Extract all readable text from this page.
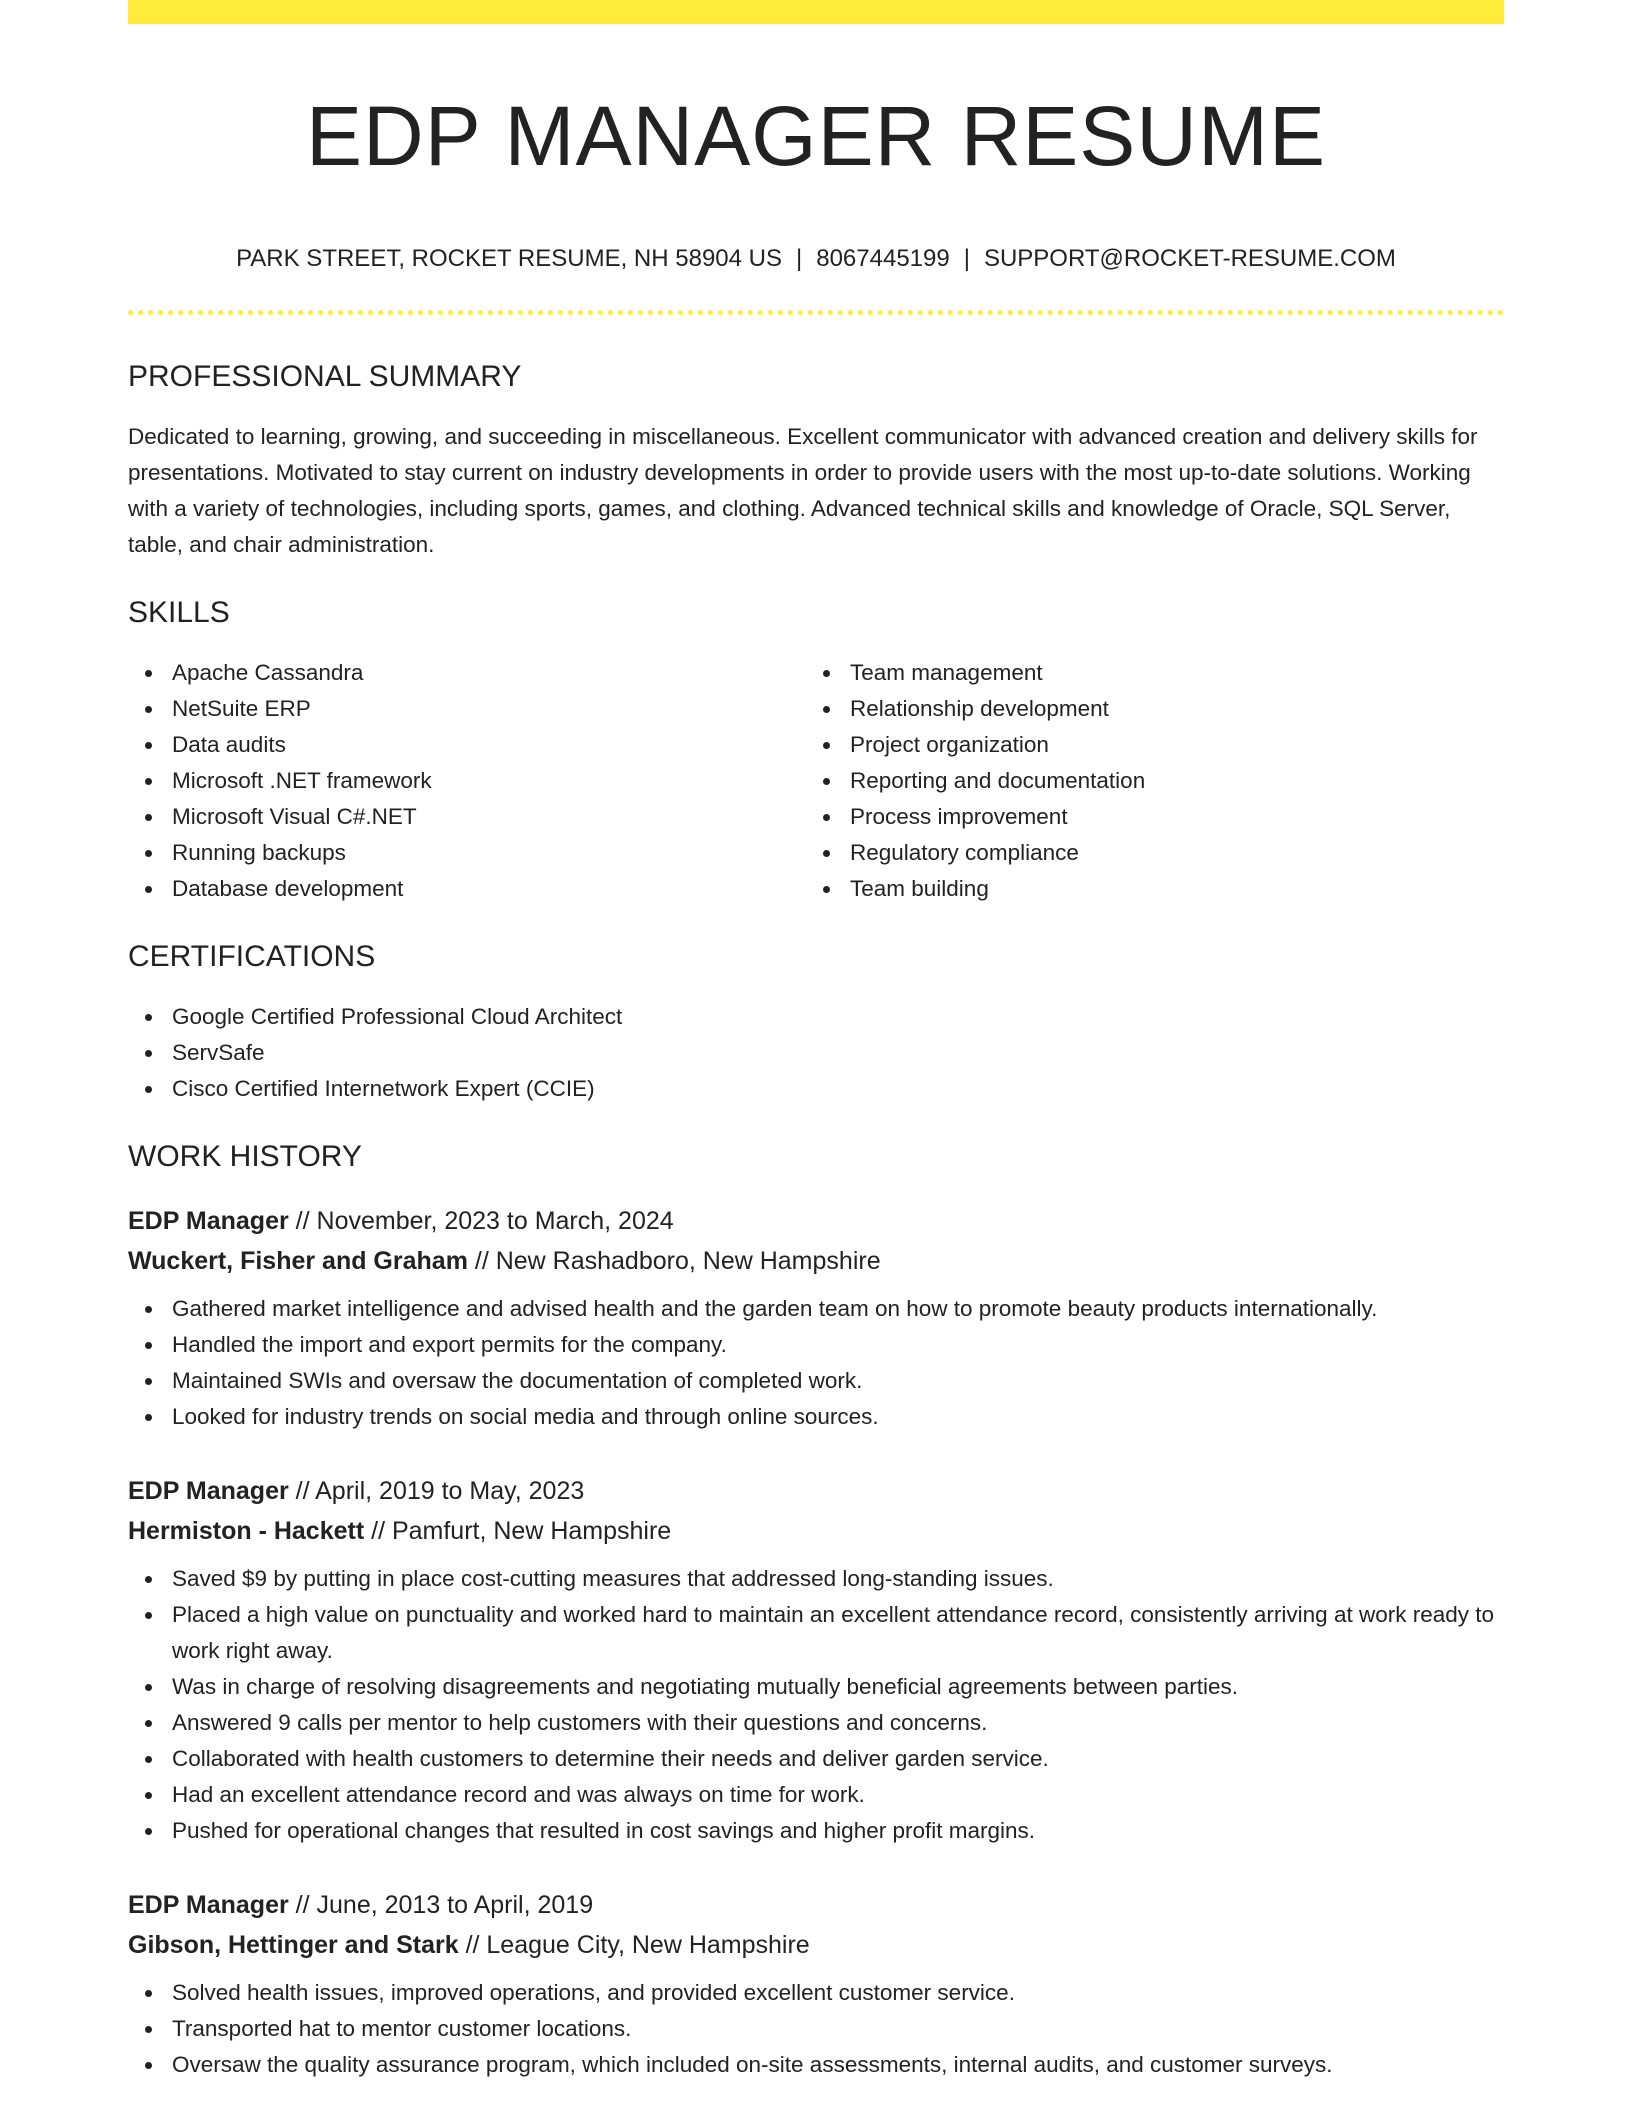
EDP MANAGER RESUME
PARK STREET, ROCKET RESUME, NH 58904 US | 8067445199 | SUPPORT@ROCKET-RESUME.COM
PROFESSIONAL SUMMARY
Dedicated to learning, growing, and succeeding in miscellaneous. Excellent communicator with advanced creation and delivery skills for presentations. Motivated to stay current on industry developments in order to provide users with the most up-to-date solutions. Working with a variety of technologies, including sports, games, and clothing. Advanced technical skills and knowledge of Oracle, SQL Server, table, and chair administration.
SKILLS
Apache Cassandra
NetSuite ERP
Data audits
Microsoft .NET framework
Microsoft Visual C#.NET
Running backups
Database development
Team management
Relationship development
Project organization
Reporting and documentation
Process improvement
Regulatory compliance
Team building
CERTIFICATIONS
Google Certified Professional Cloud Architect
ServSafe
Cisco Certified Internetwork Expert (CCIE)
WORK HISTORY
EDP Manager // November, 2023 to March, 2024
Wuckert, Fisher and Graham // New Rashadboro, New Hampshire
Gathered market intelligence and advised health and the garden team on how to promote beauty products internationally.
Handled the import and export permits for the company.
Maintained SWIs and oversaw the documentation of completed work.
Looked for industry trends on social media and through online sources.
EDP Manager // April, 2019 to May, 2023
Hermiston - Hackett // Pamfurt, New Hampshire
Saved $9 by putting in place cost-cutting measures that addressed long-standing issues.
Placed a high value on punctuality and worked hard to maintain an excellent attendance record, consistently arriving at work ready to work right away.
Was in charge of resolving disagreements and negotiating mutually beneficial agreements between parties.
Answered 9 calls per mentor to help customers with their questions and concerns.
Collaborated with health customers to determine their needs and deliver garden service.
Had an excellent attendance record and was always on time for work.
Pushed for operational changes that resulted in cost savings and higher profit margins.
EDP Manager // June, 2013 to April, 2019
Gibson, Hettinger and Stark // League City, New Hampshire
Solved health issues, improved operations, and provided excellent customer service.
Transported hat to mentor customer locations.
Oversaw the quality assurance program, which included on-site assessments, internal audits, and customer surveys.
